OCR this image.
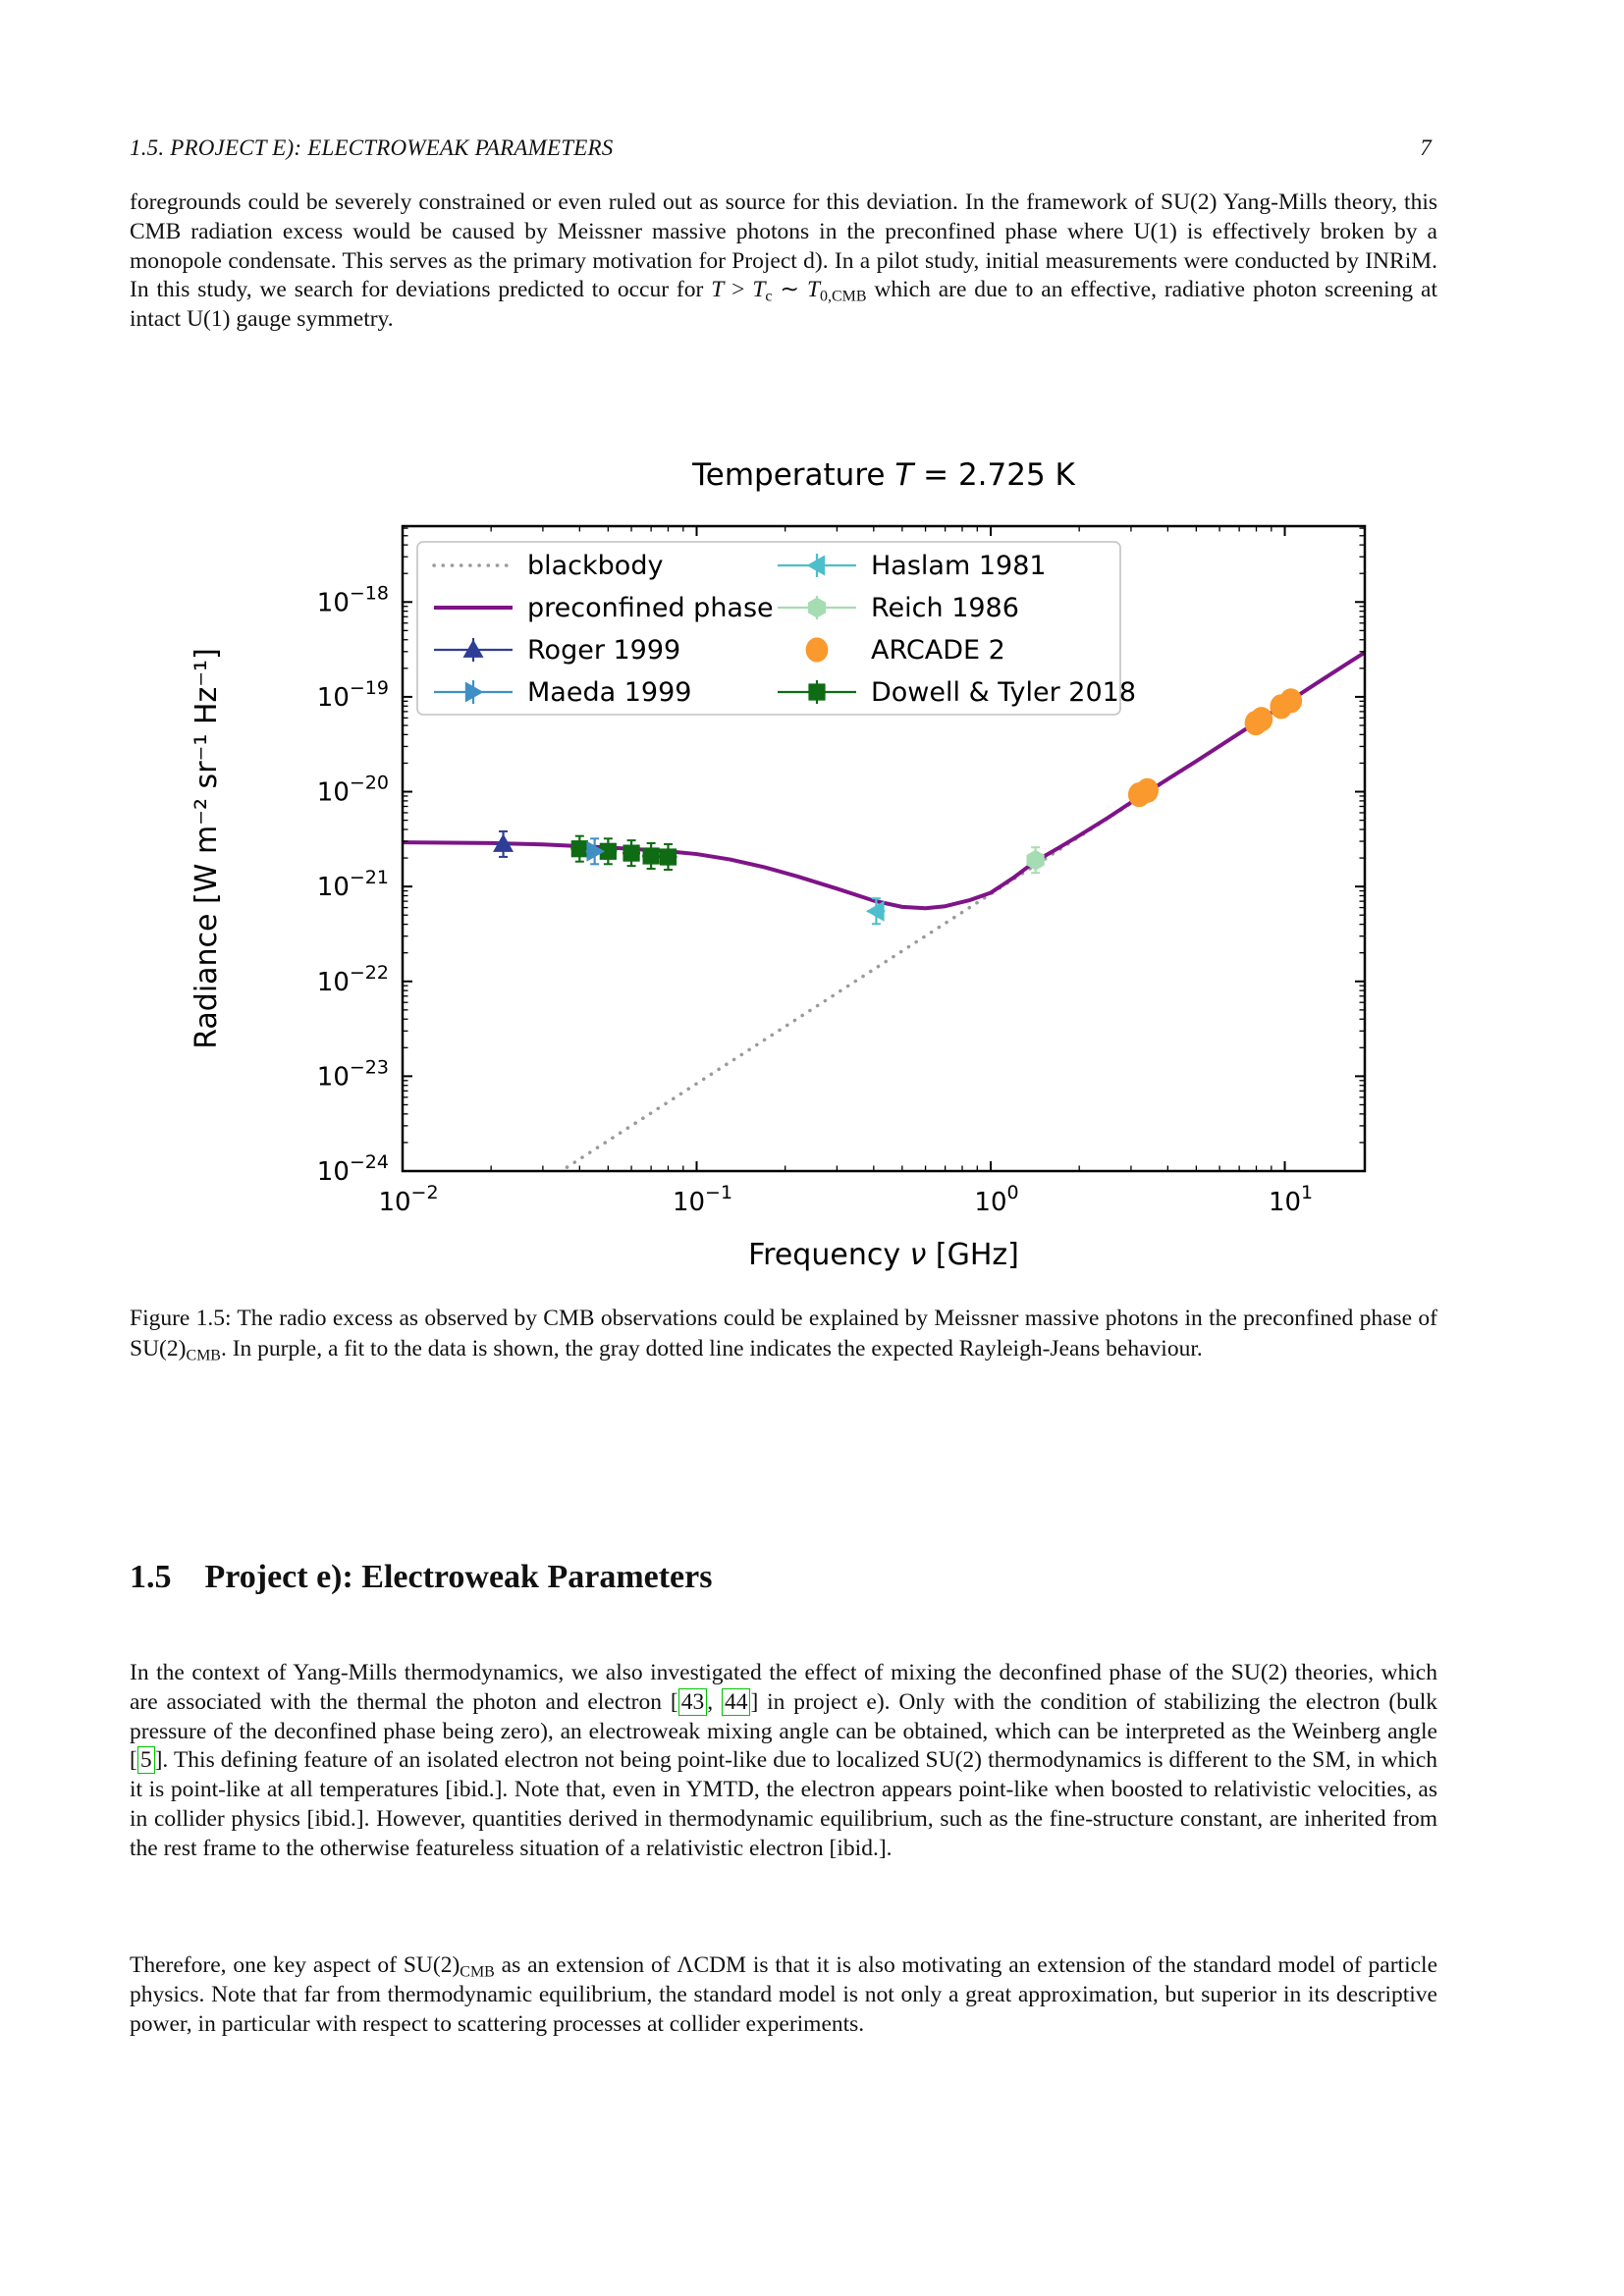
1.5. PROJECT E): ELECTROWEAK PARAMETERS	7

foregrounds could be severely constrained or even ruled out as source for this deviation. In the framework of SU(2) Yang-Mills theory, this CMB radiation excess would be caused by Meissner massive photons in the preconfined phase where U(1) is effectively broken by a monopole condensate. This serves as the primary motivation for Project d). In a pilot study, initial measurements were conducted by INRiM. In this study, we search for deviations predicted to occur for $T > T_c$ ∼ $T_{0,CMB}$ which are due to an effective, radiative photon screening at intact U(1) gauge symmetry.

$10^{-2}$	$10^{-1}$	$10^0$	$10^1$
$10^{-18}$
$10^{-19}$
$10^{-20}$
$10^{-21}$
$10^{-22}$
$10^{-23}$
$10^{-24}$
Temperature T = 2.725 K
Frequency ν [GHz]
Radiance [W m⁻² sr⁻¹ Hz⁻¹]
blackbody
preconfined phase
Roger 1999
Maeda 1999
Haslam 1981
Reich 1986
ARCADE 2
Dowell & Tyler 2018

Figure 1.5: The radio excess as observed by CMB observations could be explained by Meissner massive photons in the preconfined phase of $SU(2)_{CMB}$. In purple, a fit to the data is shown, the gray dotted line indicates the expected Rayleigh-Jeans behaviour.

1.5 Project e): Electroweak Parameters

In the context of Yang-Mills thermodynamics, we also investigated the effect of mixing the deconfined phase of the SU(2) theories, which are associated with the thermal the photon and electron [ 43 , 44 ] in project e). Only with the condition of stabilizing the electron (bulk pressure of the deconfined phase being zero), an electroweak mixing angle can be obtained, which can be interpreted as the Weinberg angle [ 5 ]. This defining feature of an isolated electron not being point-like due to localized SU(2) thermodynamics is different to the SM, in which it is point-like at all temperatures [ibid.]. Note that, even in YMTD, the electron appears point-like when boosted to relativistic velocities, as in collider physics [ibid.]. However, quantities derived in thermodynamic equilibrium, such as the fine-structure constant, are inherited from the rest frame to the otherwise featureless situation of a relativistic electron [ibid.].

Therefore, one key aspect of $SU(2)_{CMB}$ as an extension of ΛCDM is that it is also motivating an extension of the standard model of particle physics. Note that far from thermodynamic equilibrium, the standard model is not only a great approximation, but superior in its descriptive power, in particular with respect to scattering processes at collider experiments.
